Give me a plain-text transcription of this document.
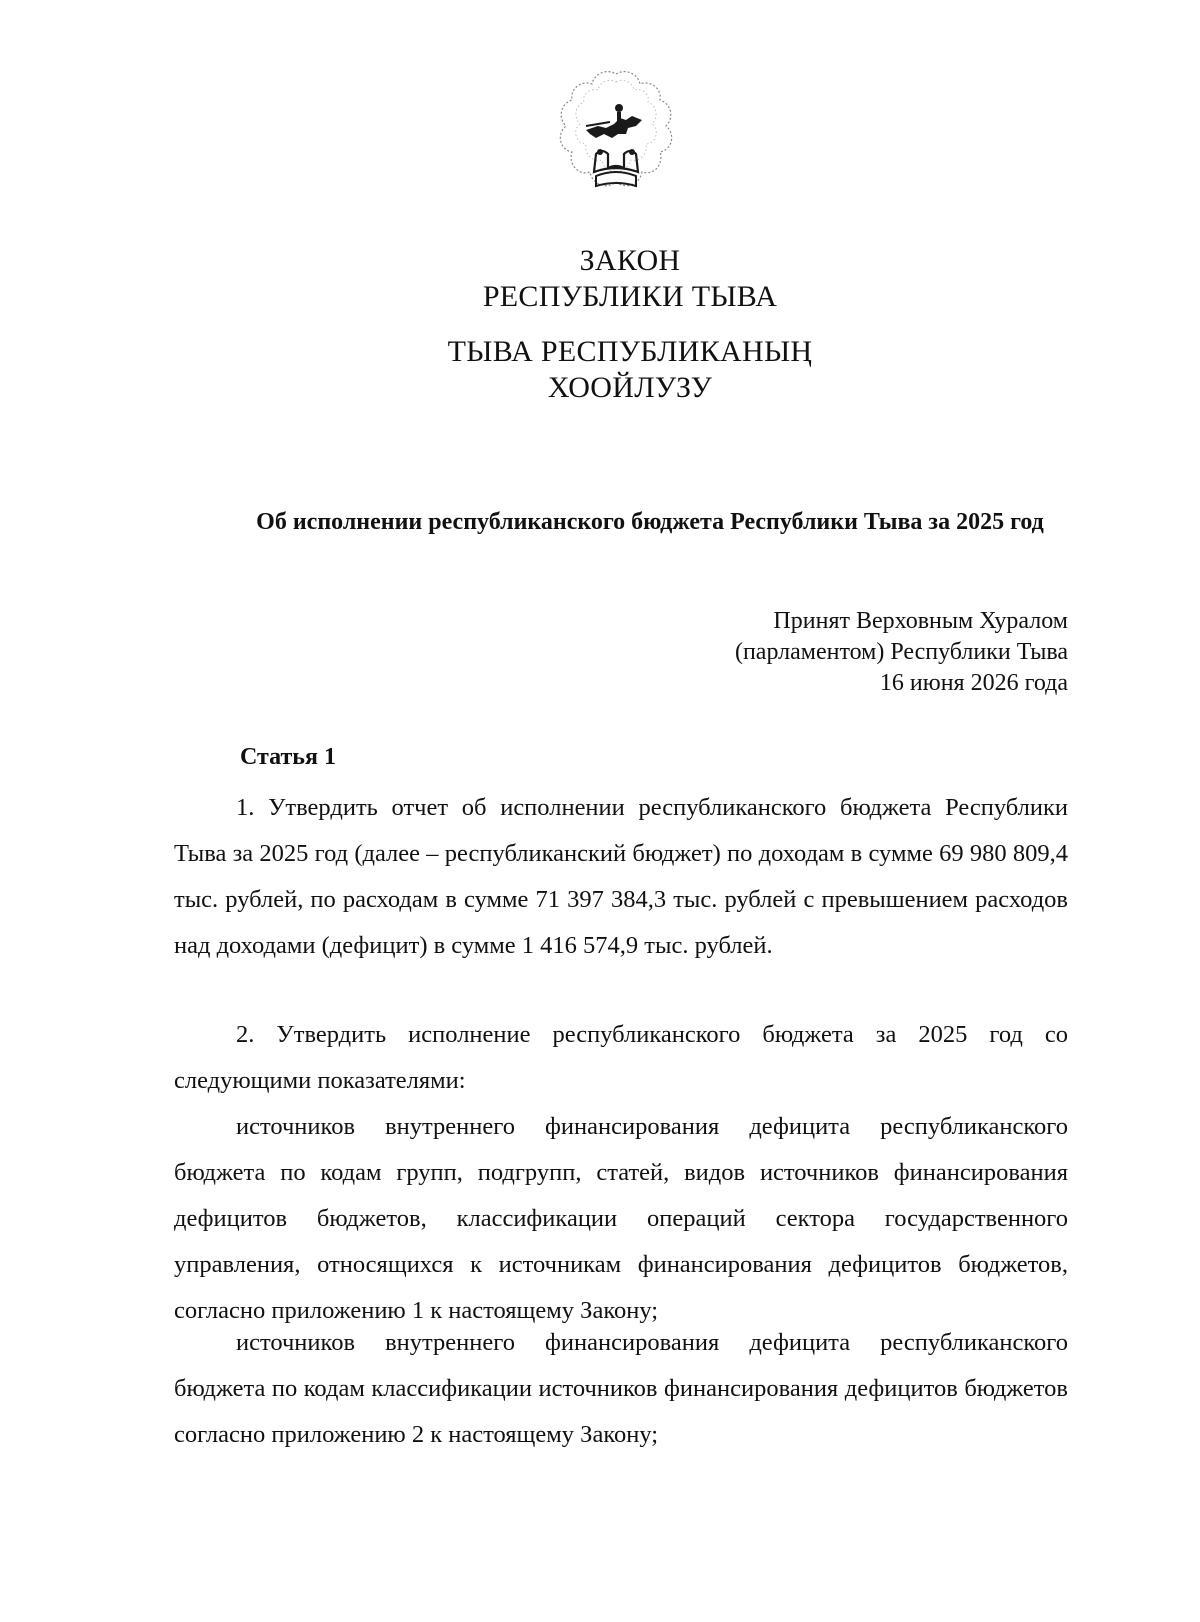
ЗАКОН
РЕСПУБЛИКИ ТЫВА
ТЫВА РЕСПУБЛИКАНЫҢ
ХООЙЛУЗУ
Об исполнении республиканского бюджета Республики Тыва за 2025 год
Принят Верховным Хуралом
(парламентом) Республики Тыва
16 июня 2026 года
Статья 1

1. Утвердить отчет об исполнении республиканского бюджета Республики Тыва за 2025 год (далее – республиканский бюджет) по доходам в сумме 69 980 809,4 тыс. рублей, по расходам в сумме 71 397 384,3 тыс. рублей с превышением расходов над доходами (дефицит) в сумме 1 416 574,9 тыс. рублей.

2. Утвердить исполнение республиканского бюджета за 2025 год со следующими показателями:

источников внутреннего финансирования дефицита республиканского бюджета по кодам групп, подгрупп, статей, видов источников финансирования дефицитов бюджетов, классификации операций сектора государственного управления, относящихся к источникам финансирования дефицитов бюджетов, согласно приложению 1 к настоящему Закону;

источников внутреннего финансирования дефицита республиканского бюджета по кодам классификации источников финансирования дефицитов бюджетов согласно приложению 2 к настоящему Закону;
